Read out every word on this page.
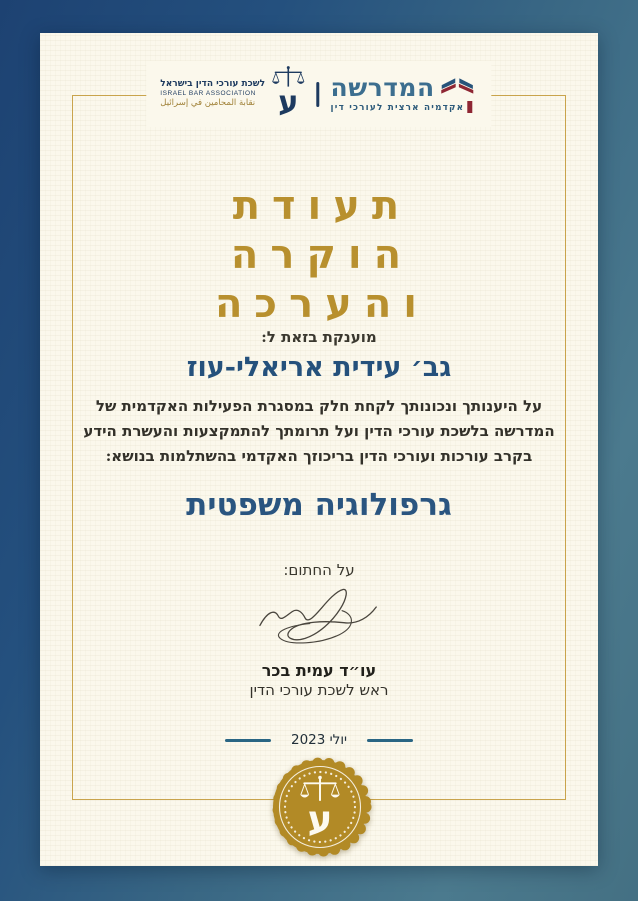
לשכת עורכי הדין בישראל
ISRAEL BAR ASSOCIATION
نقابة المحامين في إسرائيل
המדרשה
אקדמיה ארצית לעורכי דין
תעודת
הוקרה
והערכה
מוענקת בזאת ל:
גב׳ עידית אריאלי-עוז
על היענותך ונכונותך לקחת חלק במסגרת הפעילות האקדמית של
המדרשה בלשכת עורכי הדין ועל תרומתך להתמקצעות והעשרת הידע
בקרב עורכות ועורכי הדין בריכוזך האקדמי בהשתלמות בנושא:
גרפולוגיה משפטית
על החתום:
עו״ד עמית בכר
ראש לשכת עורכי הדין
יולי 2023
